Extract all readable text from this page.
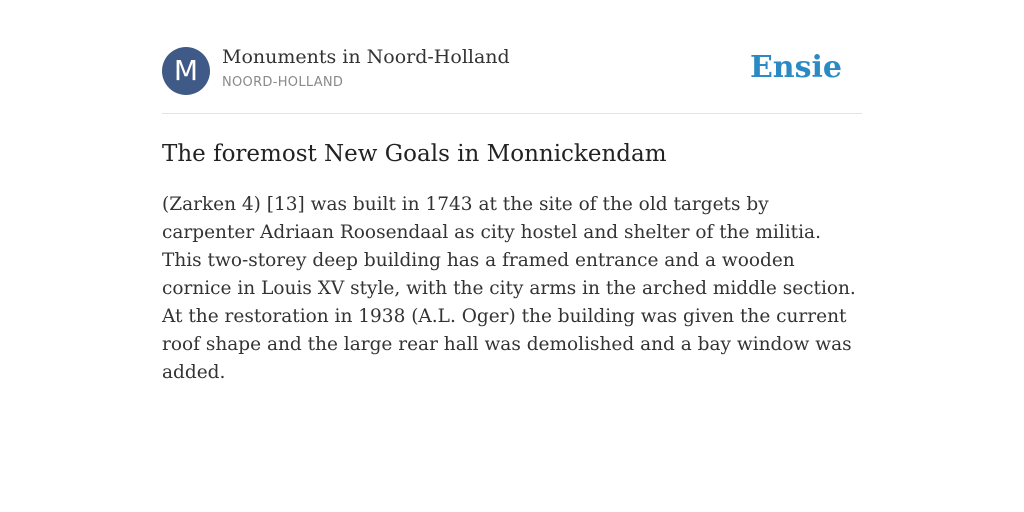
M	Monuments in Noord-Holland
NOORD-HOLLAND	Ensie
The foremost New Goals in Monnickendam

(Zarken 4) [13] was built in 1743 at the site of the old targets by carpenter Adriaan Roosendaal as city hostel and shelter of the militia. This two-storey deep building has a framed entrance and a wooden cornice in Louis XV style, with the city arms in the arched middle section. At the restoration in 1938 (A.L. Oger) the building was given the current roof shape and the large rear hall was demolished and a bay window was added.
